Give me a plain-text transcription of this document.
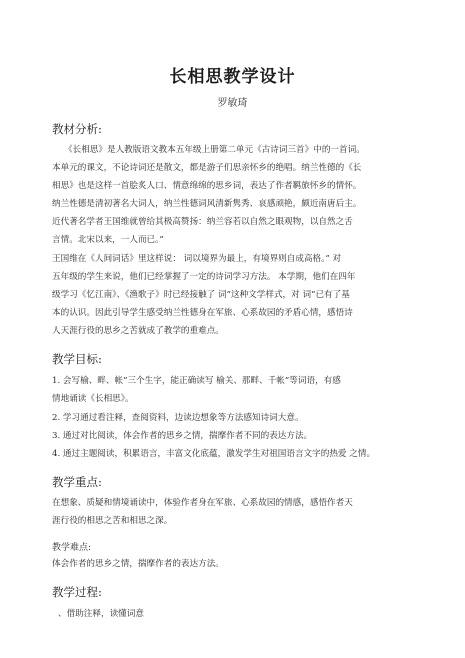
长相思教学设计
罗敏琦
教材分析:
《长相思》是人教版语文教本五年级上册第二单元《古诗词三首》中的一首词。
本单元的课文，不论诗词还是散文，都是游子们思亲怀乡的绝唱。纳兰性德的《长
相思》也是这样一首脍炙人口、情意绵绵的思乡词，表达了作者羁旅怀乡的情怀。
纳兰性德是清初著名大词人，纳兰性德词风清新隽秀、哀感顽艳，颇近南唐后主。
近代著名学者王国维就曾给其极高赞扬：纳兰容若以自然之眼观物，以自然之舌
言情。北宋以来，一人而已。”
王国维在《人间词话》里这样说： 词以境界为最上，有境界则自成高格。” 对
五年级的学生来说，他们已经掌握了一定的诗词学习方法。 本学期，他们在四年
级学习《忆江南》、《渔歌子》时已经接触了 词”这种文学样式，对 词”已有了基
本的认识。因此引导学生感受纳兰性德身在军旅、心系故园的矛盾心情，感悟诗
人天涯行役的思乡之苦就成了教学的重难点。
教学目标:
1. 会写榆、畔、帐”三个生字，能正确读写 榆关、那畔、千帐”等词语，有感
情地诵读《长相思》。
2. 学习通过看注释，查阅资料，边读边想象等方法感知诗词大意。
3. 通过对比阅读，体会作者的思乡之情，揣摩作者不同的表达方法。
4. 通过主题阅读，积累语言，丰富文化底蕴，激发学生对祖国语言文字的热爱 之情。
教学重点:
在想象、质疑和情境诵读中，体验作者身在军旅、心系故园的情感，感悟作者天
涯行役的相思之苦和相思之深。
教学难点:
体会作者的思乡之情，揣摩作者的表达方法。
教学过程:
、借助注释，读懂词意
